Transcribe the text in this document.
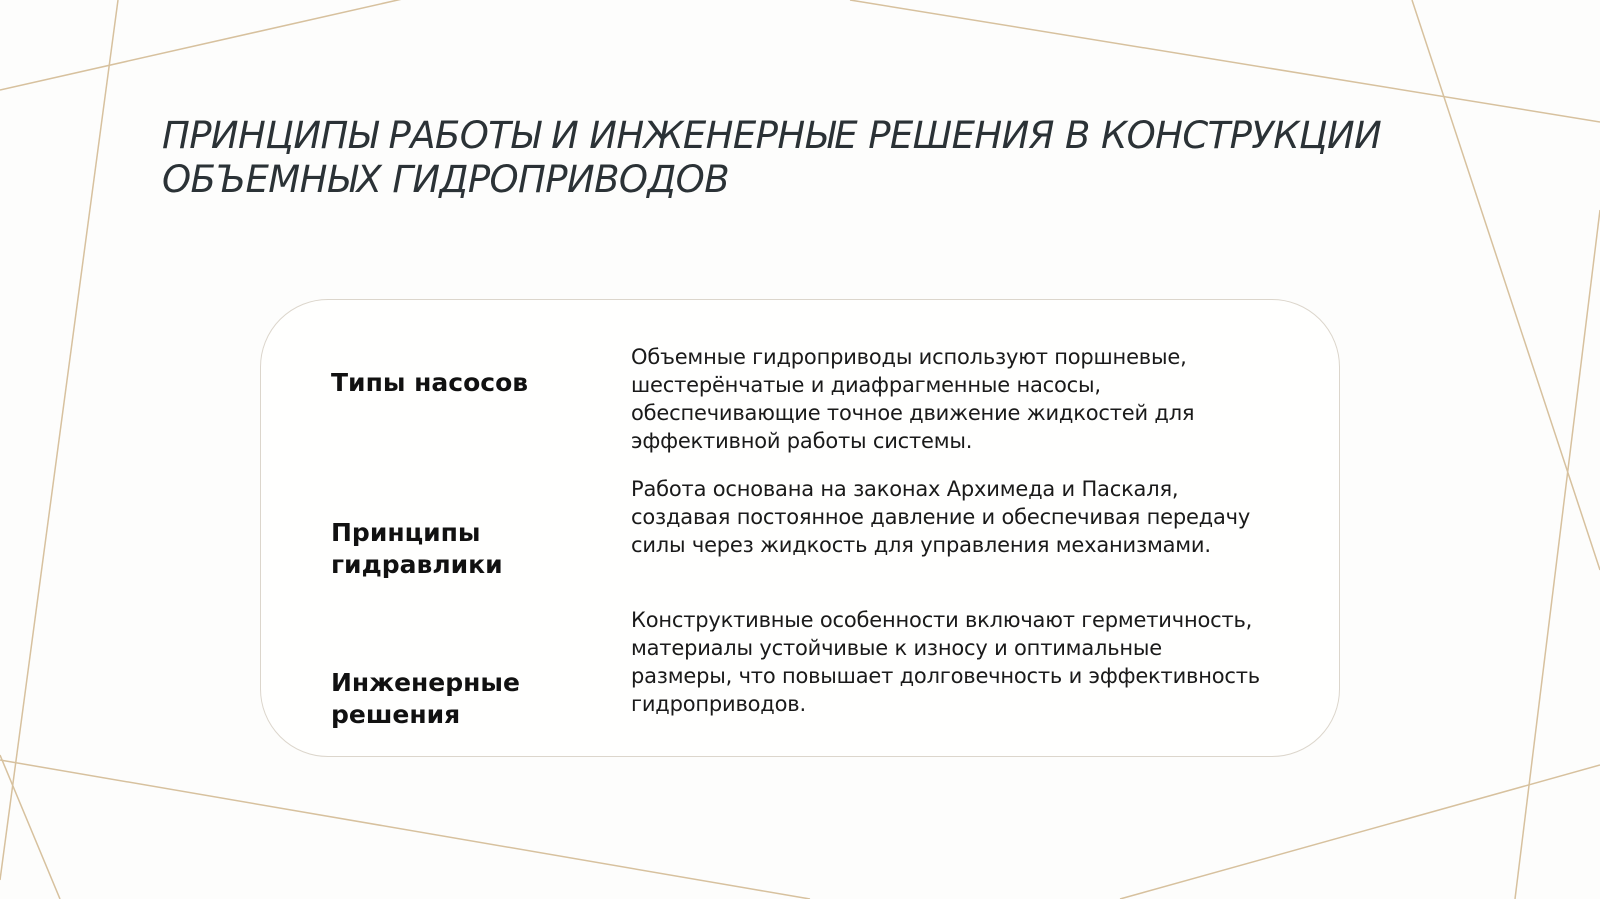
ПРИНЦИПЫ РАБОТЫ И ИНЖЕНЕРНЫЕ РЕШЕНИЯ В КОНСТРУКЦИИ
ОБЪЕМНЫХ ГИДРОПРИВОДОВ
Типы насосов
Объемные гидроприводы используют поршневые,
шестерёнчатые и диафрагменные насосы,
обеспечивающие точное движение жидкостей для
эффективной работы системы.
Принципы
гидравлики
Работа основана на законах Архимеда и Паскаля,
создавая постоянное давление и обеспечивая передачу
силы через жидкость для управления механизмами.
Инженерные
решения
Конструктивные особенности включают герметичность,
материалы устойчивые к износу и оптимальные
размеры, что повышает долговечность и эффективность
гидроприводов.
